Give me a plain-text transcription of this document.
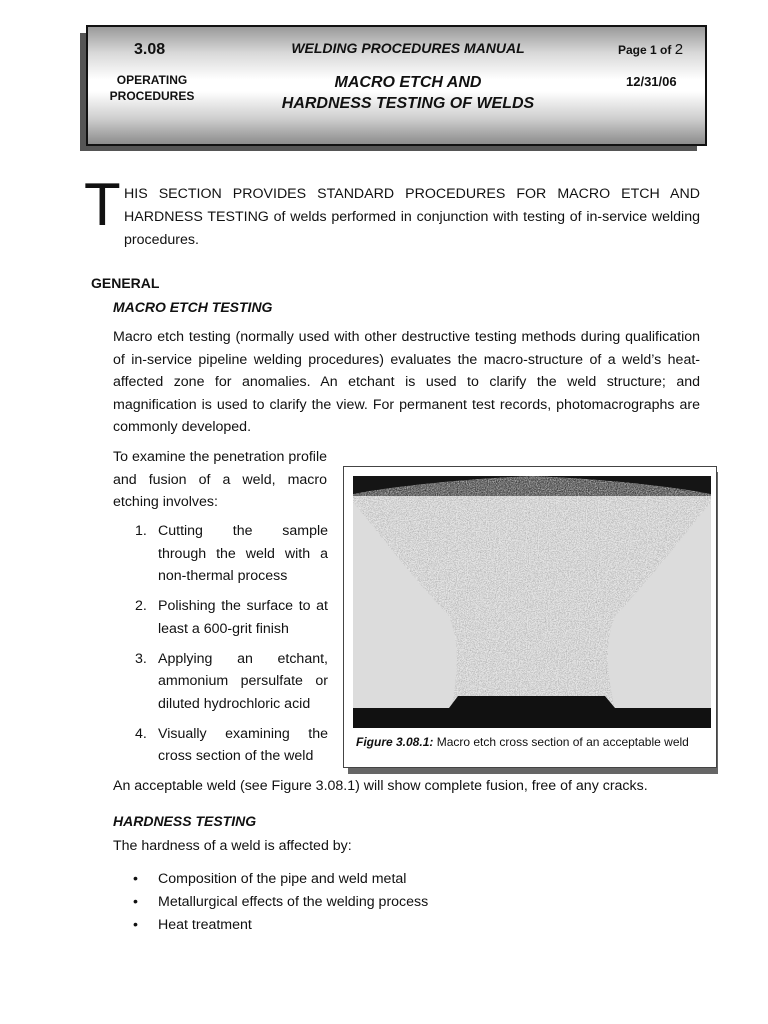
3.08
OPERATING PROCEDURES
WELDING PROCEDURES MANUAL	Page 1 of 2
MACRO ETCH AND
HARDNESS TESTING OF WELDS
12/31/06
T HIS SECTION PROVIDES STANDARD PROCEDURES FOR MACRO ETCH AND HARDNESS TESTING of welds performed in conjunction with testing of in-service welding procedures.
GENERAL
MACRO ETCH TESTING

Macro etch testing (normally used with other destructive testing methods during qualification of in-service pipeline welding procedures) evaluates the macro-structure of a weld’s heat-affected zone for anomalies. An etchant is used to clarify the weld structure; and magnification is used to clarify the view. For permanent test records, photomacrographs are commonly developed.

To examine the penetration profile and fusion of a weld, macro etching involves:

1. Cutting the sample through the weld with a non-thermal process
2. Polishing the surface to at least a 600-grit finish
3. Applying an etchant, ammonium persulfate or diluted hydrochloric acid
4. Visually examining the cross section of the weld
Figure 3.08.1: Macro etch cross section of an acceptable weld
An acceptable weld (see Figure 3.08.1) will show complete fusion, free of any cracks.
HARDNESS TESTING
The hardness of a weld is affected by:
• Composition of the pipe and weld metal
• Metallurgical effects of the welding process
• Heat treatment
